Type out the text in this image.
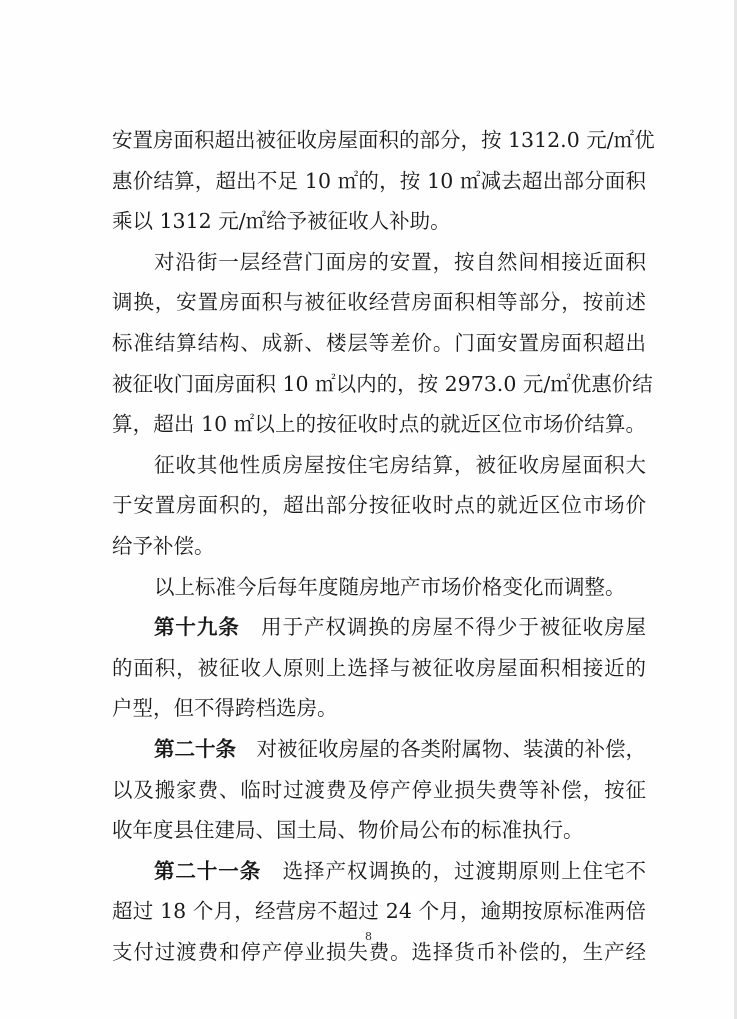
安置房面积超出被征收房屋面积的部分，按 1312.0 元/㎡优
惠价结算，超出不足 10 ㎡的，按 10 ㎡减去超出部分面积
乘以 1312 元/㎡给予被征收人补助。
对沿街一层经营门面房的安置，按自然间相接近面积
调换，安置房面积与被征收经营房面积相等部分，按前述
标准结算结构、成新、楼层等差价。门面安置房面积超出
被征收门面房面积 10 ㎡以内的，按 2973.0 元/㎡优惠价结
算，超出 10 ㎡以上的按征收时点的就近区位市场价结算。
征收其他性质房屋按住宅房结算，被征收房屋面积大
于安置房面积的，超出部分按征收时点的就近区位市场价
给予补偿。
以上标准今后每年度随房地产市场价格变化而调整。
第十九条　 用于产权调换的房屋不得少于被征收房屋
的面积，被征收人原则上选择与被征收房屋面积相接近的
户型，但不得跨档选房。
第二十条　 对被征收房屋的各类附属物、装潢的补偿，
以及搬家费、临时过渡费及停产停业损失费等补偿，按征
收年度县住建局、国土局、物价局公布的标准执行。
第二十一条　 选择产权调换的，过渡期原则上住宅不
超过 18 个月，经营房不超过 24 个月，逾期按原标准两倍
支付过渡费和停产停业损失费。选择货币补偿的，生产经
8
